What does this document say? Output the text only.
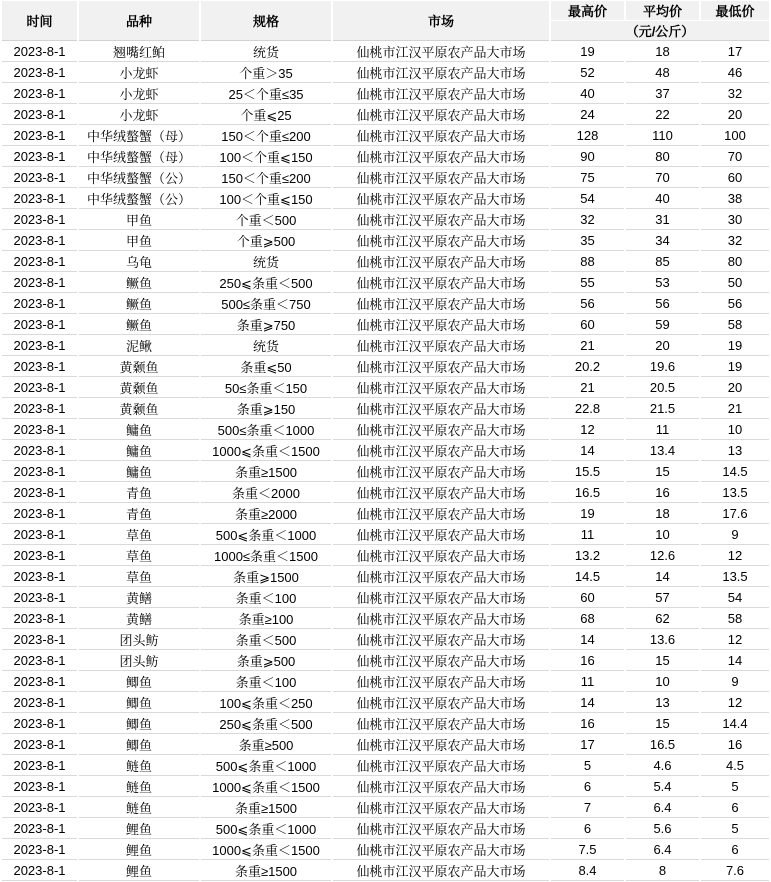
时间	品种	规格	市场	最高价	平均价	最低价
				（元/公斤）		
2023-8-1	翘嘴红鲌	统货	仙桃市江汉平原农产品大市场	19	18	17
2023-8-1	小龙虾	个重＞35	仙桃市江汉平原农产品大市场	52	48	46
2023-8-1	小龙虾	25＜个重≤35	仙桃市江汉平原农产品大市场	40	37	32
2023-8-1	小龙虾	个重⩽25	仙桃市江汉平原农产品大市场	24	22	20
2023-8-1	中华绒螯蟹（母）	150＜个重≤200	仙桃市江汉平原农产品大市场	128	110	100
2023-8-1	中华绒螯蟹（母）	100＜个重⩽150	仙桃市江汉平原农产品大市场	90	80	70
2023-8-1	中华绒螯蟹（公）	150＜个重≤200	仙桃市江汉平原农产品大市场	75	70	60
2023-8-1	中华绒螯蟹（公）	100＜个重⩽150	仙桃市江汉平原农产品大市场	54	40	38
2023-8-1	甲鱼	个重＜500	仙桃市江汉平原农产品大市场	32	31	30
2023-8-1	甲鱼	个重⩾500	仙桃市江汉平原农产品大市场	35	34	32
2023-8-1	乌龟	统货	仙桃市江汉平原农产品大市场	88	85	80
2023-8-1	鳜鱼	250⩽条重＜500	仙桃市江汉平原农产品大市场	55	53	50
2023-8-1	鳜鱼	500≤条重＜750	仙桃市江汉平原农产品大市场	56	56	56
2023-8-1	鳜鱼	条重⩾750	仙桃市江汉平原农产品大市场	60	59	58
2023-8-1	泥鳅	统货	仙桃市江汉平原农产品大市场	21	20	19
2023-8-1	黄颡鱼	条重⩽50	仙桃市江汉平原农产品大市场	20.2	19.6	19
2023-8-1	黄颡鱼	50≤条重＜150	仙桃市江汉平原农产品大市场	21	20.5	20
2023-8-1	黄颡鱼	条重⩾150	仙桃市江汉平原农产品大市场	22.8	21.5	21
2023-8-1	鳙鱼	500≤条重＜1000	仙桃市江汉平原农产品大市场	12	11	10
2023-8-1	鳙鱼	1000⩽条重＜1500	仙桃市江汉平原农产品大市场	14	13.4	13
2023-8-1	鳙鱼	条重≥1500	仙桃市江汉平原农产品大市场	15.5	15	14.5
2023-8-1	青鱼	条重＜2000	仙桃市江汉平原农产品大市场	16.5	16	13.5
2023-8-1	青鱼	条重≥2000	仙桃市江汉平原农产品大市场	19	18	17.6
2023-8-1	草鱼	500⩽条重＜1000	仙桃市江汉平原农产品大市场	11	10	9
2023-8-1	草鱼	1000≤条重＜1500	仙桃市江汉平原农产品大市场	13.2	12.6	12
2023-8-1	草鱼	条重⩾1500	仙桃市江汉平原农产品大市场	14.5	14	13.5
2023-8-1	黄鳝	条重＜100	仙桃市江汉平原农产品大市场	60	57	54
2023-8-1	黄鳝	条重≥100	仙桃市江汉平原农产品大市场	68	62	58
2023-8-1	团头鲂	条重＜500	仙桃市江汉平原农产品大市场	14	13.6	12
2023-8-1	团头鲂	条重⩾500	仙桃市江汉平原农产品大市场	16	15	14
2023-8-1	鲫鱼	条重＜100	仙桃市江汉平原农产品大市场	11	10	9
2023-8-1	鲫鱼	100⩽条重＜250	仙桃市江汉平原农产品大市场	14	13	12
2023-8-1	鲫鱼	250⩽条重＜500	仙桃市江汉平原农产品大市场	16	15	14.4
2023-8-1	鲫鱼	条重≥500	仙桃市江汉平原农产品大市场	17	16.5	16
2023-8-1	鲢鱼	500⩽条重＜1000	仙桃市江汉平原农产品大市场	5	4.6	4.5
2023-8-1	鲢鱼	1000⩽条重＜1500	仙桃市江汉平原农产品大市场	6	5.4	5
2023-8-1	鲢鱼	条重≥1500	仙桃市江汉平原农产品大市场	7	6.4	6
2023-8-1	鲤鱼	500⩽条重＜1000	仙桃市江汉平原农产品大市场	6	5.6	5
2023-8-1	鲤鱼	1000⩽条重＜1500	仙桃市江汉平原农产品大市场	7.5	6.4	6
2023-8-1	鲤鱼	条重≥1500	仙桃市江汉平原农产品大市场	8.4	8	7.6
